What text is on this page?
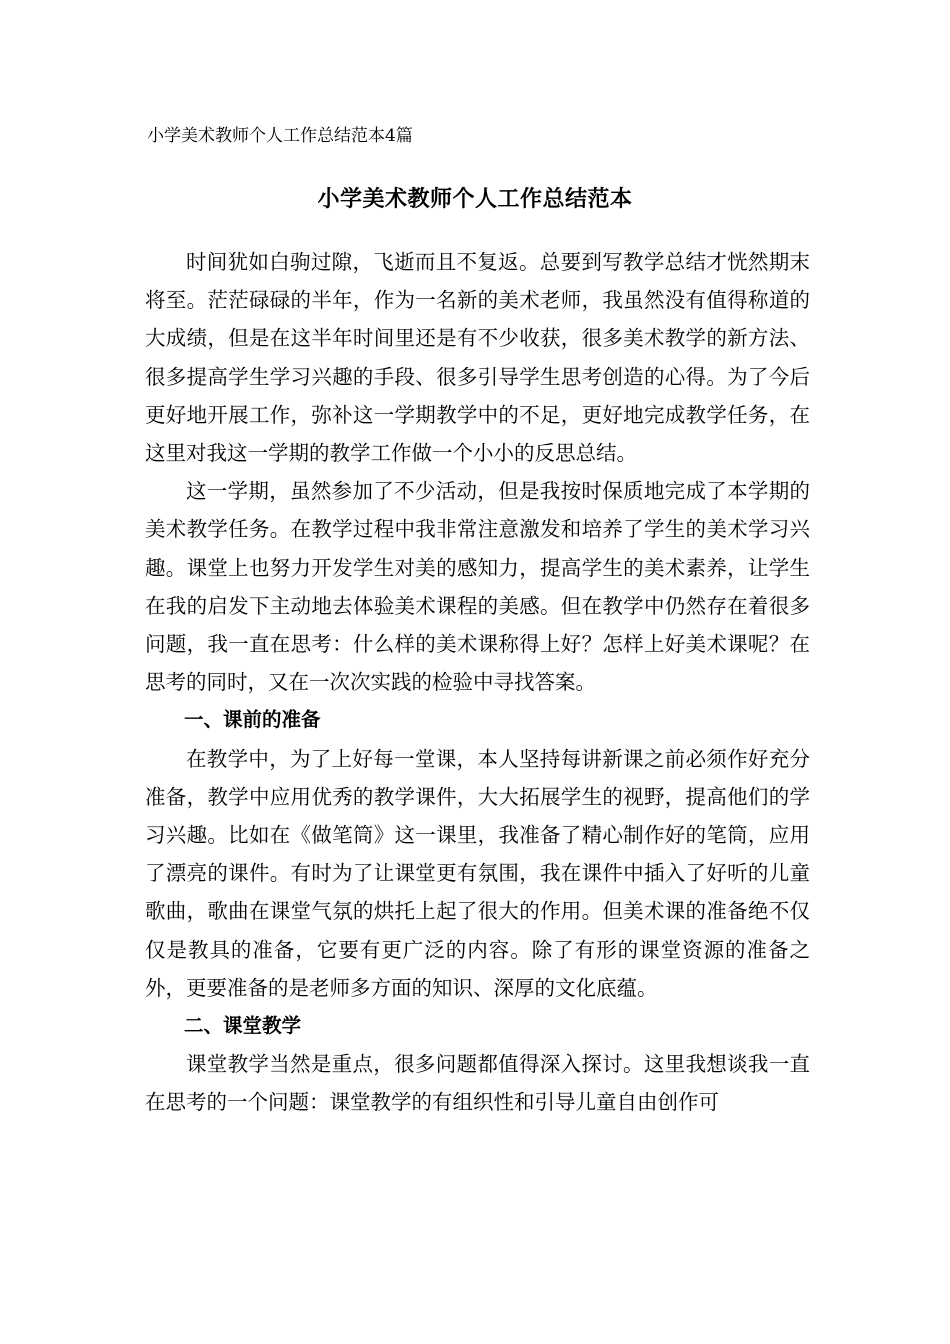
小学美术教师个人工作总结范本4篇
小学美术教师个人工作总结范本

时间犹如白驹过隙，飞逝而且不复返。总要到写教学总结才恍然期末将至。茫茫碌碌的半年，作为一名新的美术老师，我虽然没有值得称道的大成绩，但是在这半年时间里还是有不少收获，很多美术教学的新方法、很多提高学生学习兴趣的手段、很多引导学生思考创造的心得。为了今后更好地开展工作，弥补这一学期教学中的不足，更好地完成教学任务，在这里对我这一学期的教学工作做一个小小的反思总结。

这一学期，虽然参加了不少活动，但是我按时保质地完成了本学期的美术教学任务。在教学过程中我非常注意激发和培养了学生的美术学习兴趣。课堂上也努力开发学生对美的感知力，提高学生的美术素养，让学生在我的启发下主动地去体验美术课程的美感。但在教学中仍然存在着很多问题，我一直在思考：什么样的美术课称得上好？怎样上好美术课呢？在思考的同时，又在一次次实践的检验中寻找答案。

一、课前的准备

在教学中，为了上好每一堂课，本人坚持每讲新课之前必须作好充分准备，教学中应用优秀的教学课件，大大拓展学生的视野，提高他们的学习兴趣。比如在《做笔筒》这一课里，我准备了精心制作好的笔筒，应用了漂亮的课件。有时为了让课堂更有氛围，我在课件中插入了好听的儿童歌曲，歌曲在课堂气氛的烘托上起了很大的作用。但美术课的准备绝不仅仅是教具的准备，它要有更广泛的内容。除了有形的课堂资源的准备之外，更要准备的是老师多方面的知识、深厚的文化底蕴。

二、课堂教学

课堂教学当然是重点，很多问题都值得深入探讨。这里我想谈我一直在思考的一个问题：课堂教学的有组织性和引导儿童自由创作可
